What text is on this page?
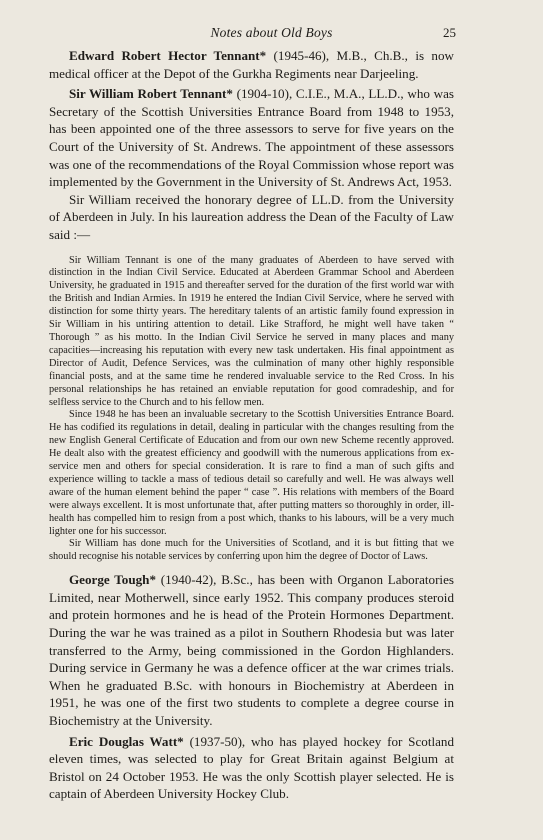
Notes about Old Boys	25

Edward Robert Hector Tennant* (1945-46), M.B., Ch.B., is now medical officer at the Depot of the Gurkha Regiments near Darjeeling.

Sir William Robert Tennant* (1904-10), C.I.E., M.A., LL.D., who was Secretary of the Scottish Universities Entrance Board from 1948 to 1953, has been appointed one of the three assessors to serve for five years on the Court of the University of St. Andrews. The appointment of these assessors was one of the recommendations of the Royal Commission whose report was implemented by the Government in the University of St. Andrews Act, 1953.

Sir William received the honorary degree of LL.D. from the University of Aberdeen in July. In his laureation address the Dean of the Faculty of Law said :—

Sir William Tennant is one of the many graduates of Aberdeen to have served with distinction in the Indian Civil Service. Educated at Aberdeen Grammar School and Aberdeen University, he graduated in 1915 and thereafter served for the duration of the first world war with the British and Indian Armies. In 1919 he entered the Indian Civil Service, where he served with distinction for some thirty years. The hereditary talents of an artistic family found expression in Sir William in his untiring attention to detail. Like Strafford, he might well have taken “ Thorough ” as his motto. In the Indian Civil Service he served in many places and many capacities—increasing his reputation with every new task undertaken. His final appointment as Director of Audit, Defence Services, was the culmination of many other highly responsible financial posts, and at the same time he rendered invaluable service to the Red Cross. In his personal relationships he has retained an enviable reputation for good comradeship, and for selfless service to the Church and to his fellow men.

Since 1948 he has been an invaluable secretary to the Scottish Universities Entrance Board. He has codified its regulations in detail, dealing in particular with the changes resulting from the new English General Certificate of Education and from our own new Scheme recently approved. He dealt also with the greatest efficiency and goodwill with the numerous applications from ex-service men and others for special consideration. It is rare to find a man of such gifts and experience willing to tackle a mass of tedious detail so carefully and well. He was always well aware of the human element behind the paper “ case ”. His relations with members of the Board were always excellent. It is most unfortunate that, after putting matters so thoroughly in order, ill-health has compelled him to resign from a post which, thanks to his labours, will be a very much lighter one for his successor.

Sir William has done much for the Universities of Scotland, and it is but fitting that we should recognise his notable services by conferring upon him the degree of Doctor of Laws.

George Tough* (1940-42), B.Sc., has been with Organon Laboratories Limited, near Motherwell, since early 1952. This company produces steroid and protein hormones and he is head of the Protein Hormones Department. During the war he was trained as a pilot in Southern Rhodesia but was later transferred to the Army, being commissioned in the Gordon Highlanders. During service in Germany he was a defence officer at the war crimes trials. When he graduated B.Sc. with honours in Biochemistry at Aberdeen in 1951, he was one of the first two students to complete a degree course in Biochemistry at the University.

Eric Douglas Watt* (1937-50), who has played hockey for Scotland eleven times, was selected to play for Great Britain against Belgium at Bristol on 24 October 1953. He was the only Scottish player selected. He is captain of Aberdeen University Hockey Club.
